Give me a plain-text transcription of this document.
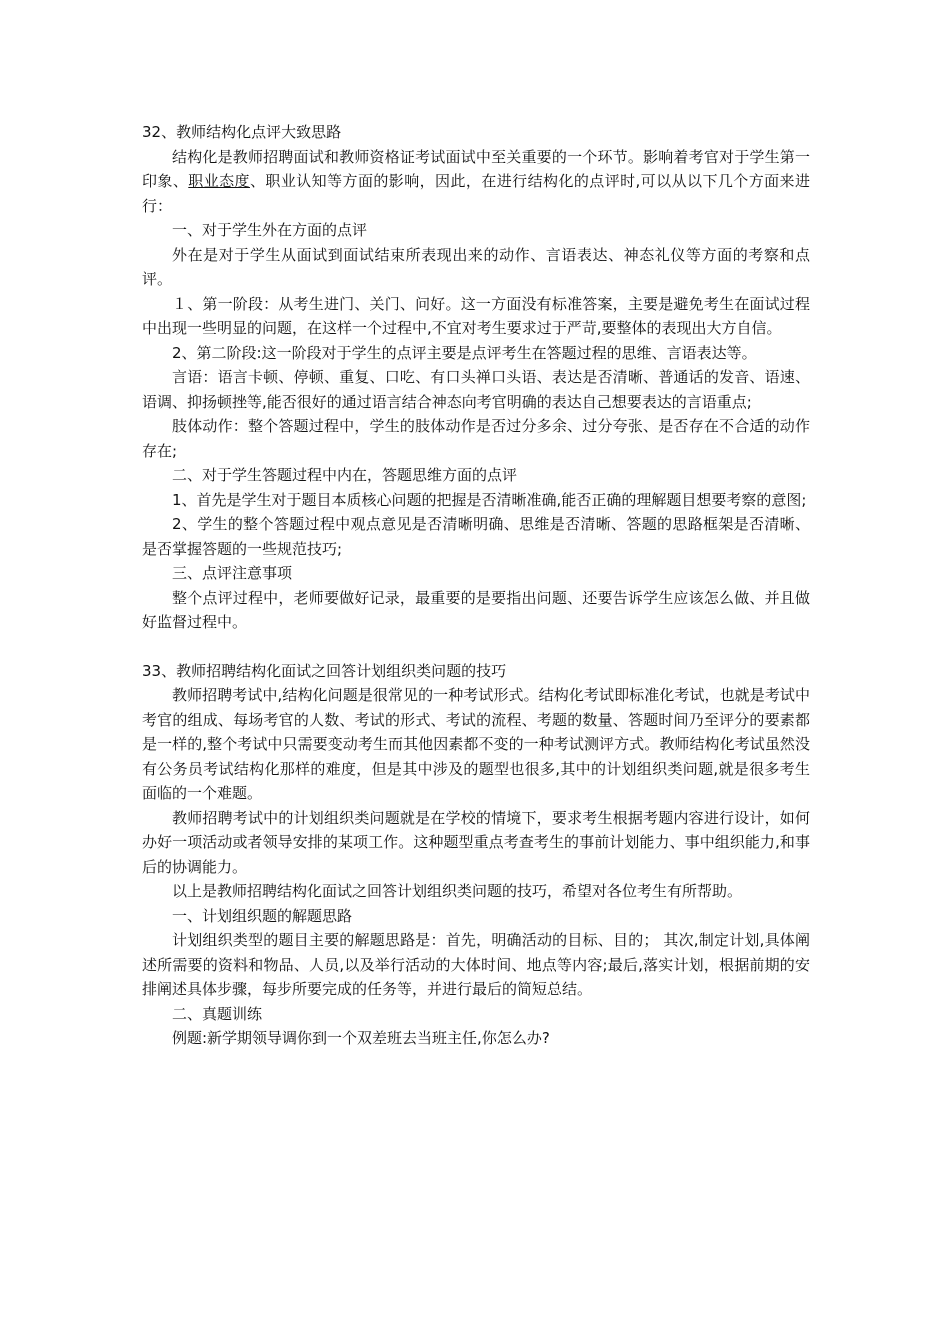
32、教师结构化点评大致思路

结构化是教师招聘面试和教师资格证考试面试中至关重要的一个环节。影响着考官对于学生第一印象、职业态度、职业认知等方面的影响，因此，在进行结构化的点评时,可以从以下几个方面来进行：

一、对于学生外在方面的点评

外在是对于学生从面试到面试结束所表现出来的动作、言语表达、神态礼仪等方面的考察和点评。

１、第一阶段：从考生进门、关门、问好。这一方面没有标准答案，主要是避免考生在面试过程中出现一些明显的问题，在这样一个过程中,不宜对考生要求过于严苛,要整体的表现出大方自信。

2、第二阶段:这一阶段对于学生的点评主要是点评考生在答题过程的思维、言语表达等。

言语：语言卡顿、停顿、重复、口吃、有口头禅口头语、表达是否清晰、普通话的发音、语速、语调、抑扬顿挫等,能否很好的通过语言结合神态向考官明确的表达自己想要表达的言语重点;

肢体动作：整个答题过程中，学生的肢体动作是否过分多余、过分夸张、是否存在不合适的动作存在;

二、对于学生答题过程中内在，答题思维方面的点评

1、首先是学生对于题目本质核心问题的把握是否清晰准确,能否正确的理解题目想要考察的意图;

2、学生的整个答题过程中观点意见是否清晰明确、思维是否清晰、答题的思路框架是否清晰、是否掌握答题的一些规范技巧;

三、点评注意事项

整个点评过程中，老师要做好记录，最重要的是要指出问题、还要告诉学生应该怎么做、并且做好监督过程中。

33、教师招聘结构化面试之回答计划组织类问题的技巧

教师招聘考试中,结构化问题是很常见的一种考试形式。结构化考试即标准化考试，也就是考试中考官的组成、每场考官的人数、考试的形式、考试的流程、考题的数量、答题时间乃至评分的要素都是一样的,整个考试中只需要变动考生而其他因素都不变的一种考试测评方式。教师结构化考试虽然没有公务员考试结构化那样的难度，但是其中涉及的题型也很多,其中的计划组织类问题,就是很多考生面临的一个难题。

教师招聘考试中的计划组织类问题就是在学校的情境下，要求考生根据考题内容进行设计，如何办好一项活动或者领导安排的某项工作。这种题型重点考查考生的事前计划能力、事中组织能力,和事后的协调能力。

以上是教师招聘结构化面试之回答计划组织类问题的技巧，希望对各位考生有所帮助。

一、计划组织题的解题思路

计划组织类型的题目主要的解题思路是：首先，明确活动的目标、目的； 其次,制定计划,具体阐述所需要的资料和物品、人员,以及举行活动的大体时间、地点等内容;最后,落实计划，根据前期的安排阐述具体步骤，每步所要完成的任务等，并进行最后的简短总结。

二、真题训练

例题:新学期领导调你到一个双差班去当班主任,你怎么办?
